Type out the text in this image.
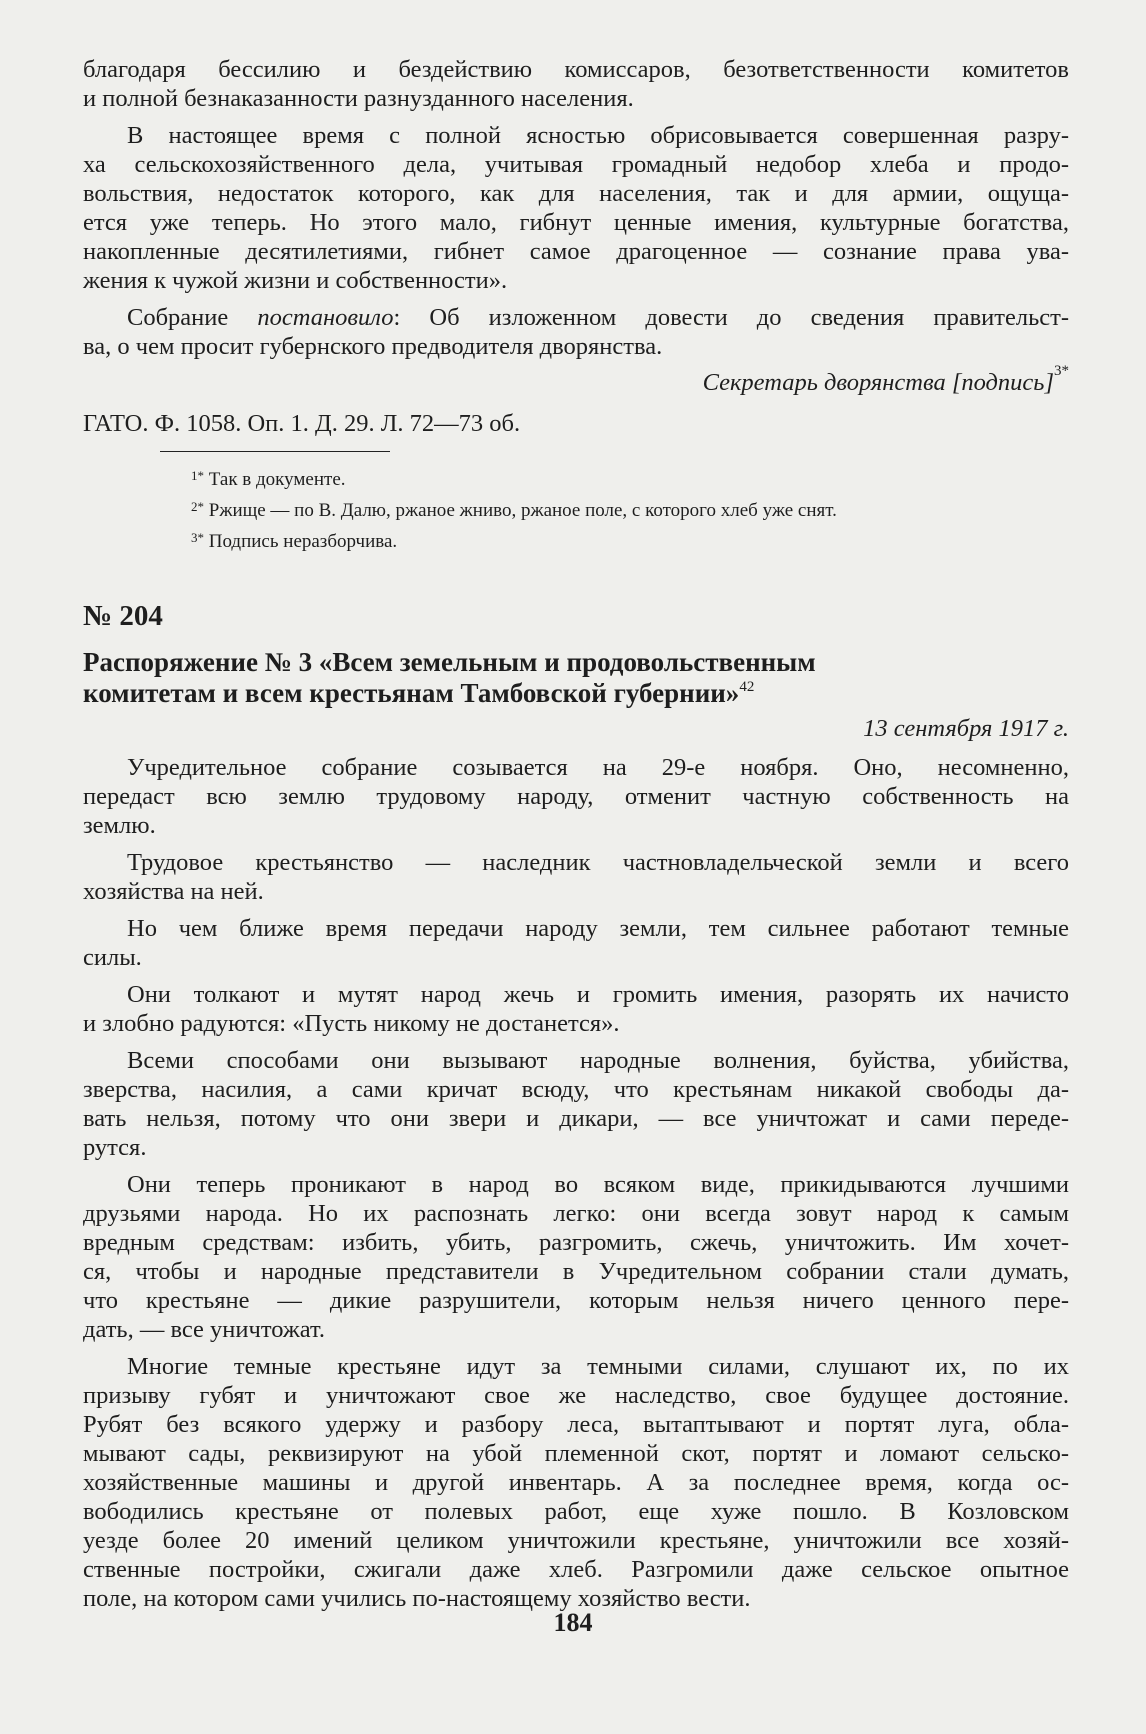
благодаря бессилию и бездействию комиссаров, безответственности комитетов
и полной безнаказанности разнузданного населения.
В настоящее время с полной ясностью обрисовывается совершенная разру-
ха сельскохозяйственного дела, учитывая громадный недобор хлеба и продо-
вольствия, недостаток которого, как для населения, так и для армии, ощуща-
ется уже теперь. Но этого мало, гибнут ценные имения, культурные богатства,
накопленные десятилетиями, гибнет самое драгоценное — сознание права ува-
жения к чужой жизни и собственности».
Собрание постановило: Об изложенном довести до сведения правительст-
ва, о чем просит губернского предводителя дворянства.
Секретарь дворянства [подпись]$^{3*}$
ГАТО. Ф. 1058. Оп. 1. Д. 29. Л. 72—73 об.
$^{1*}$ Так в документе.
$^{2*}$ Ржище — по В. Далю, ржаное жниво, ржаное поле, с которого хлеб уже снят.
$^{3*}$ Подпись неразборчива.
№ 204
Распоряжение № 3 «Всем земельным и продовольственным
комитетам и всем крестьянам Тамбовской губернии»$^{42}$
13 сентября 1917 г.
Учредительное собрание созывается на 29-е ноября. Оно, несомненно,
передаст всю землю трудовому народу, отменит частную собственность на
землю.
Трудовое крестьянство — наследник частновладельческой земли и всего
хозяйства на ней.
Но чем ближе время передачи народу земли, тем сильнее работают темные
силы.
Они толкают и мутят народ жечь и громить имения, разорять их начисто
и злобно радуются: «Пусть никому не достанется».
Всеми способами они вызывают народные волнения, буйства, убийства,
зверства, насилия, а сами кричат всюду, что крестьянам никакой свободы да-
вать нельзя, потому что они звери и дикари, — все уничтожат и сами переде-
рутся.
Они теперь проникают в народ во всяком виде, прикидываются лучшими
друзьями народа. Но их распознать легко: они всегда зовут народ к самым
вредным средствам: избить, убить, разгромить, сжечь, уничтожить. Им хочет-
ся, чтобы и народные представители в Учредительном собрании стали думать,
что крестьяне — дикие разрушители, которым нельзя ничего ценного пере-
дать, — все уничтожат.
Многие темные крестьяне идут за темными силами, слушают их, по их
призыву губят и уничтожают свое же наследство, свое будущее достояние.
Рубят без всякого удержу и разбору леса, вытаптывают и портят луга, обла-
мывают сады, реквизируют на убой племенной скот, портят и ломают сельско-
хозяйственные машины и другой инвентарь. А за последнее время, когда ос-
вободились крестьяне от полевых работ, еще хуже пошло. В Козловском
уезде более 20 имений целиком уничтожили крестьяне, уничтожили все хозяй-
ственные постройки, сжигали даже хлеб. Разгромили даже сельское опытное
поле, на котором сами учились по-настоящему хозяйство вести.
184
